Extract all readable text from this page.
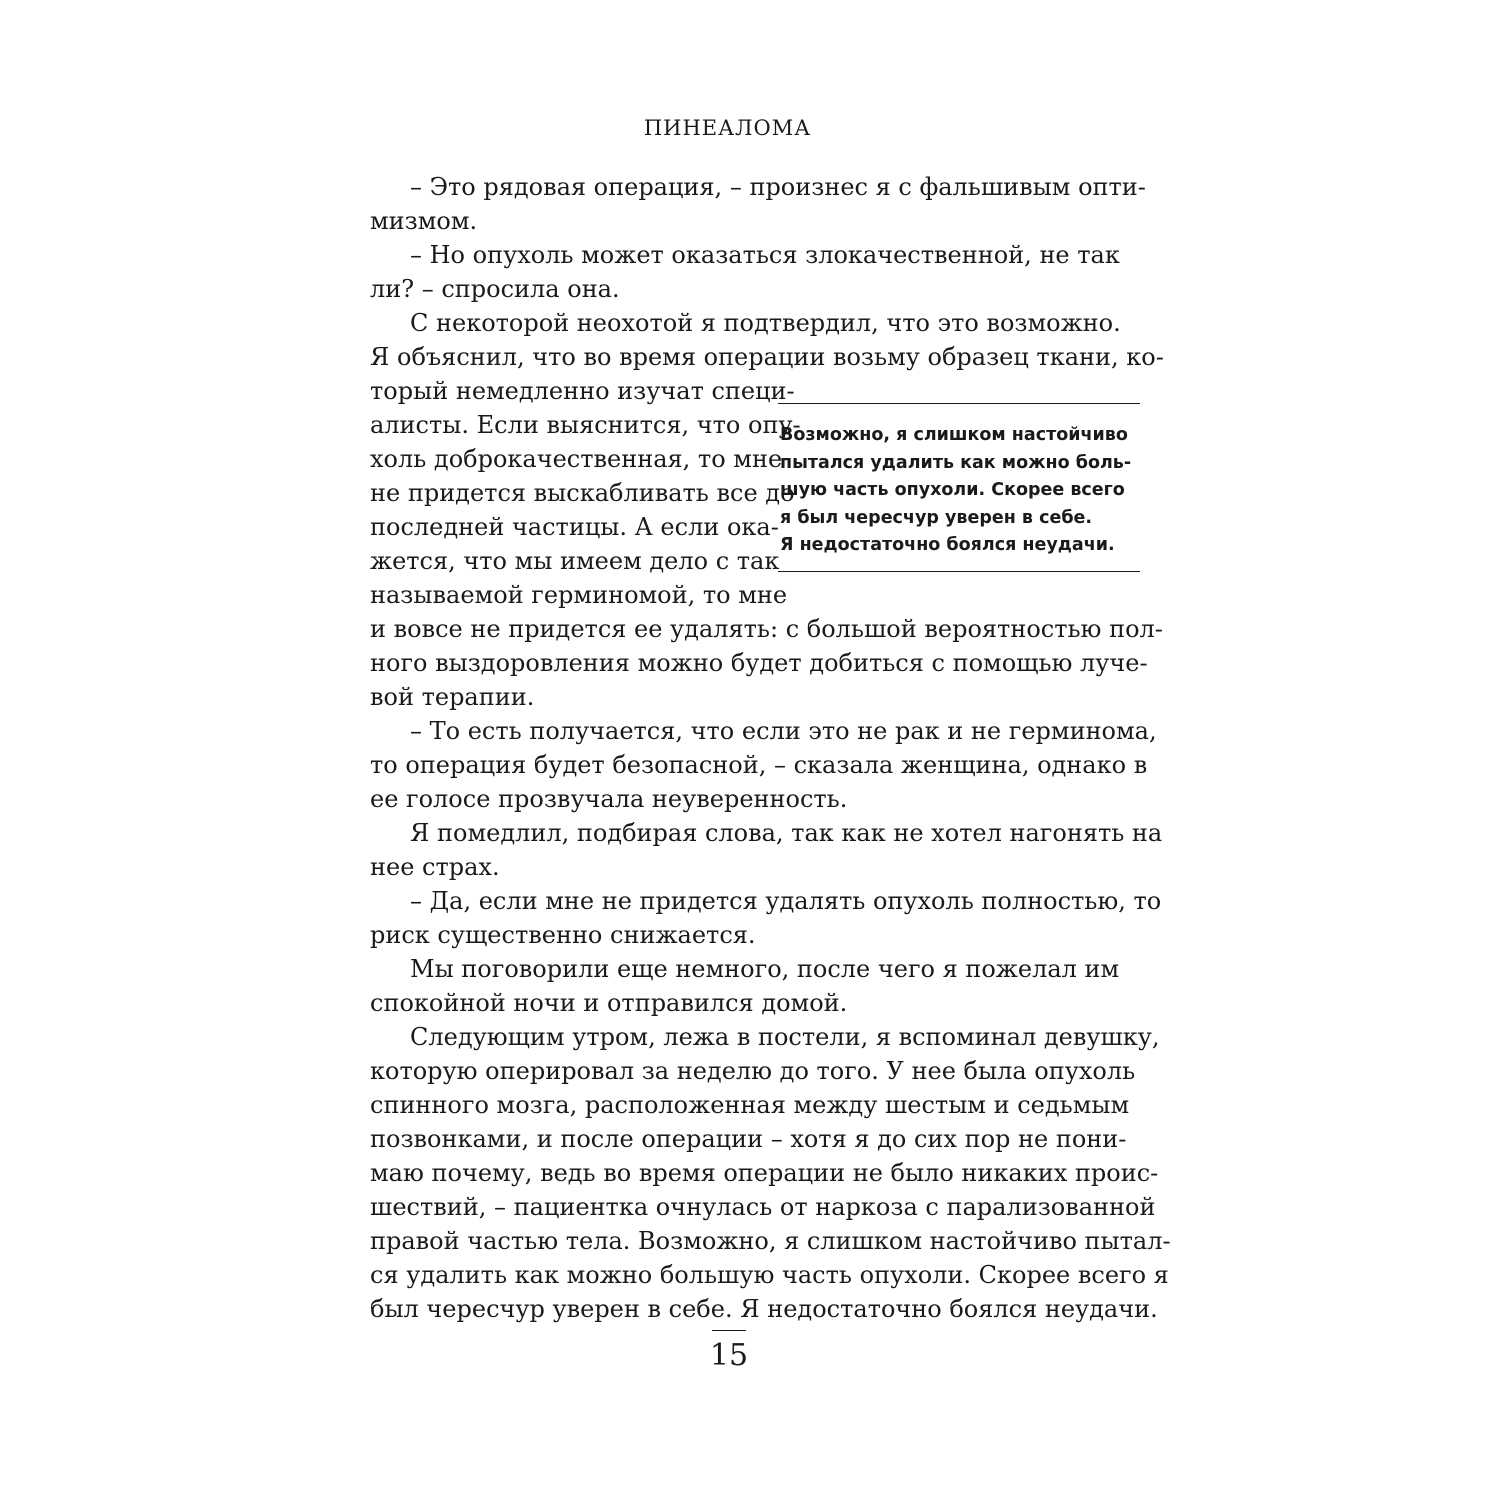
ПИНЕАЛОМА
– Это рядовая операция, – произнес я с фальшивым опти-
мизмом.
– Но опухоль может оказаться злокачественной, не так
ли? – спросила она.
С некоторой неохотой я подтвердил, что это возможно.
Я объяснил, что во время операции возьму образец ткани, ко-
торый немедленно изучат специ-
алисты. Если выяснится, что опу-
холь доброкачественная, то мне
не придется выскабливать все до
последней частицы. А если ока-
жется, что мы имеем дело с так
называемой герминомой, то мне
и вовсе не придется ее удалять: с большой вероятностью пол-
ного выздоровления можно будет добиться с помощью луче-
вой терапии.
– То есть получается, что если это не рак и не герминома,
то операция будет безопасной, – сказала женщина, однако в
ее голосе прозвучала неуверенность.
Я помедлил, подбирая слова, так как не хотел нагонять на
нее страх.
– Да, если мне не придется удалять опухоль полностью, то
риск существенно снижается.
Мы поговорили еще немного, после чего я пожелал им
спокойной ночи и отправился домой.
Следующим утром, лежа в постели, я вспоминал девушку,
которую оперировал за неделю до того. У нее была опухоль
спинного мозга, расположенная между шестым и седьмым
позвонками, и после операции – хотя я до сих пор не пони-
маю почему, ведь во время операции не было никаких проис-
шествий, – пациентка очнулась от наркоза с парализованной
правой частью тела. Возможно, я слишком настойчиво пытал-
ся удалить как можно большую часть опухоли. Скорее всего я
был чересчур уверен в себе. Я недостаточно боялся неудачи.
Возможно, я слишком настойчиво
пытался удалить как можно боль-
шую часть опухоли. Скорее всего
я был чересчур уверен в себе.
Я недостаточно боялся неудачи.
15
